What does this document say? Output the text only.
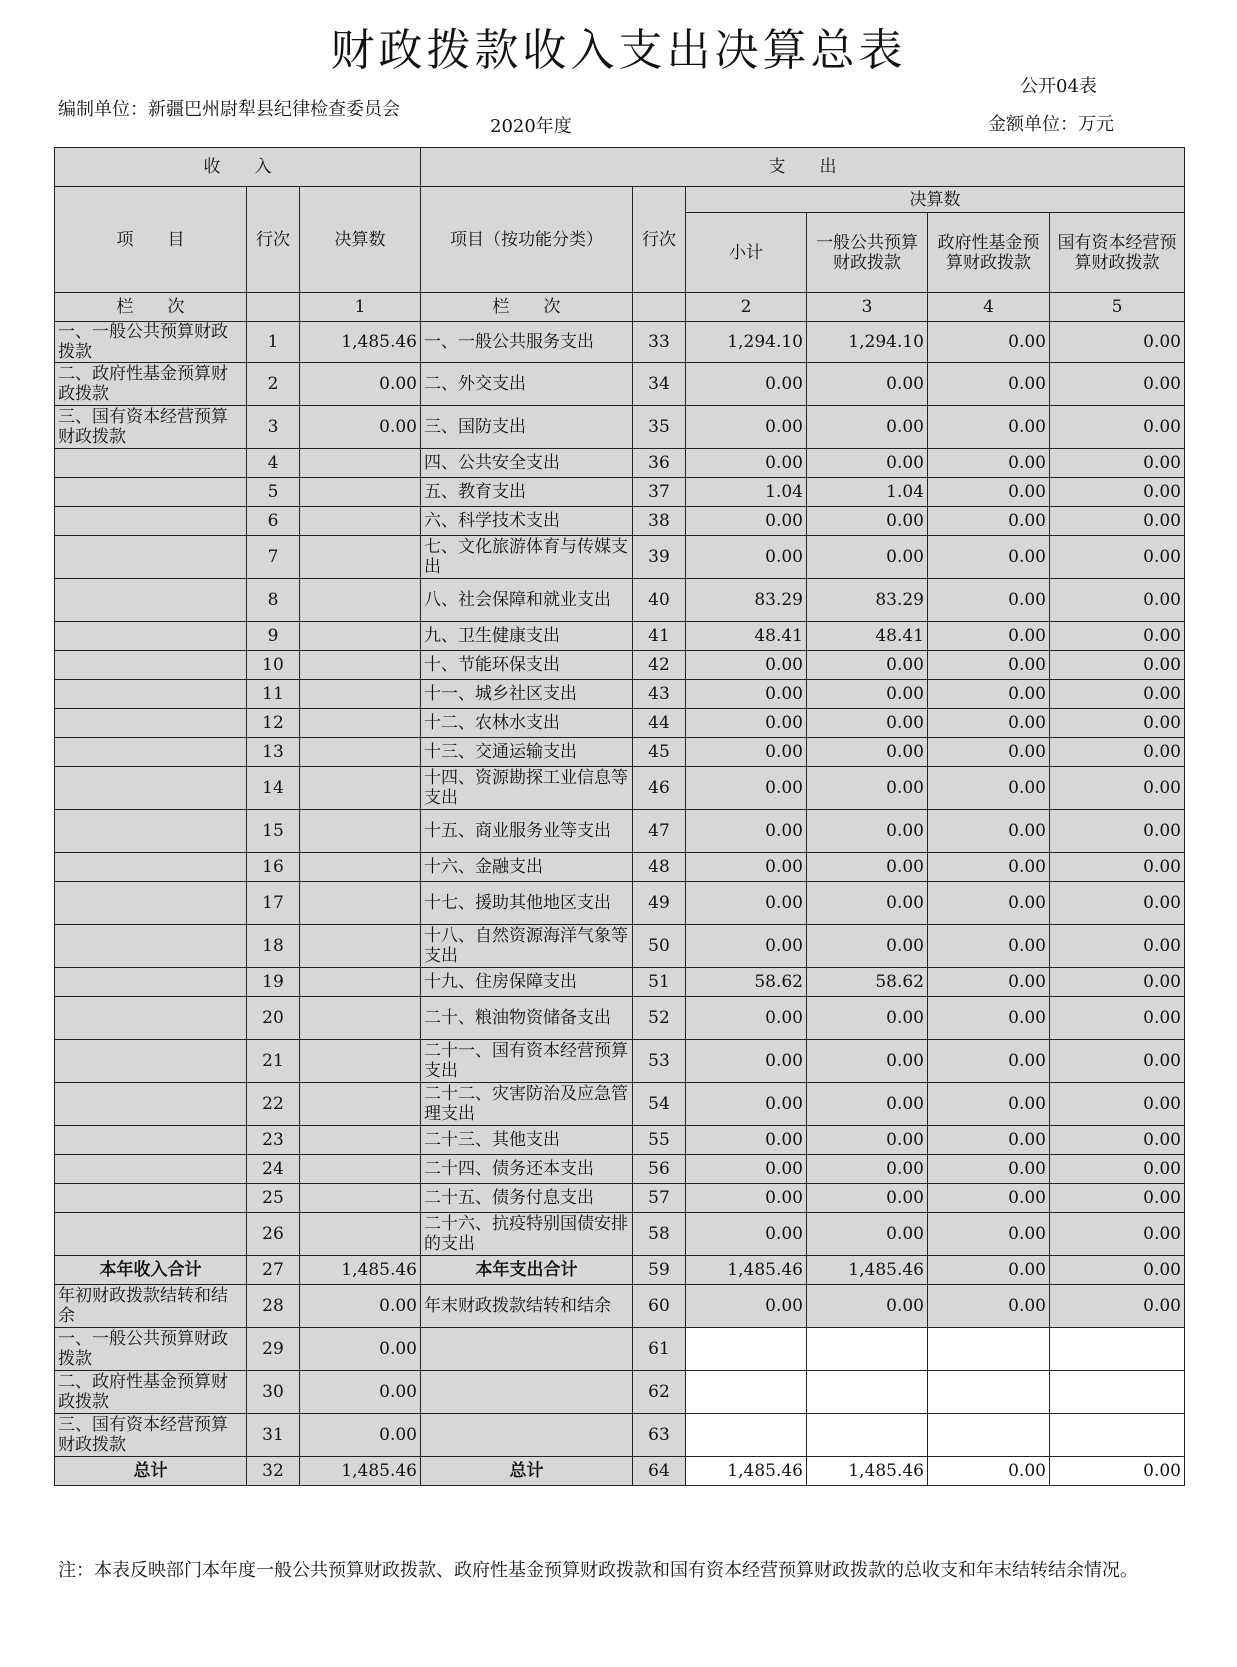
财政拨款收入支出决算总表
公开04表
编制单位：新疆巴州尉犁县纪律检查委员会
2020年度	金额单位：万元
收　　入			支　　出					
项　　目	行次	决算数	项目（按功能分类）	行次	决算数			
					小计	一般公共预算财政拨款	政府性基金预算财政拨款	国有资本经营预算财政拨款
栏　　次		1	栏　　次		2	3	4	5
一、一般公共预算财政拨款	1	1,485.46	一、一般公共服务支出	33	1,294.10	1,294.10	0.00	0.00
二、政府性基金预算财政拨款	2	0.00	二、外交支出	34	0.00	0.00	0.00	0.00
三、国有资本经营预算财政拨款	3	0.00	三、国防支出	35	0.00	0.00	0.00	0.00
	4		四、公共安全支出	36	0.00	0.00	0.00	0.00
	5		五、教育支出	37	1.04	1.04	0.00	0.00
	6		六、科学技术支出	38	0.00	0.00	0.00	0.00
	7		七、文化旅游体育与传媒支出	39	0.00	0.00	0.00	0.00
	8		八、社会保障和就业支出	40	83.29	83.29	0.00	0.00
	9		九、卫生健康支出	41	48.41	48.41	0.00	0.00
	10		十、节能环保支出	42	0.00	0.00	0.00	0.00
	11		十一、城乡社区支出	43	0.00	0.00	0.00	0.00
	12		十二、农林水支出	44	0.00	0.00	0.00	0.00
	13		十三、交通运输支出	45	0.00	0.00	0.00	0.00
	14		十四、资源勘探工业信息等支出	46	0.00	0.00	0.00	0.00
	15		十五、商业服务业等支出	47	0.00	0.00	0.00	0.00
	16		十六、金融支出	48	0.00	0.00	0.00	0.00
	17		十七、援助其他地区支出	49	0.00	0.00	0.00	0.00
	18		十八、自然资源海洋气象等支出	50	0.00	0.00	0.00	0.00
	19		十九、住房保障支出	51	58.62	58.62	0.00	0.00
	20		二十、粮油物资储备支出	52	0.00	0.00	0.00	0.00
	21		二十一、国有资本经营预算支出	53	0.00	0.00	0.00	0.00
	22		二十二、灾害防治及应急管理支出	54	0.00	0.00	0.00	0.00
	23		二十三、其他支出	55	0.00	0.00	0.00	0.00
	24		二十四、债务还本支出	56	0.00	0.00	0.00	0.00
	25		二十五、债务付息支出	57	0.00	0.00	0.00	0.00
	26		二十六、抗疫特别国债安排的支出	58	0.00	0.00	0.00	0.00
本年收入合计	27	1,485.46	本年支出合计	59	1,485.46	1,485.46	0.00	0.00
年初财政拨款结转和结余	28	0.00	年末财政拨款结转和结余	60	0.00	0.00	0.00	0.00
一、一般公共预算财政拨款	29	0.00		61				
二、政府性基金预算财政拨款	30	0.00		62				
三、国有资本经营预算财政拨款	31	0.00		63				
总计	32	1,485.46	总计	64	1,485.46	1,485.46	0.00	0.00
注：本表反映部门本年度一般公共预算财政拨款、政府性基金预算财政拨款和国有资本经营预算财政拨款的总收支和年末结转结余情况。
